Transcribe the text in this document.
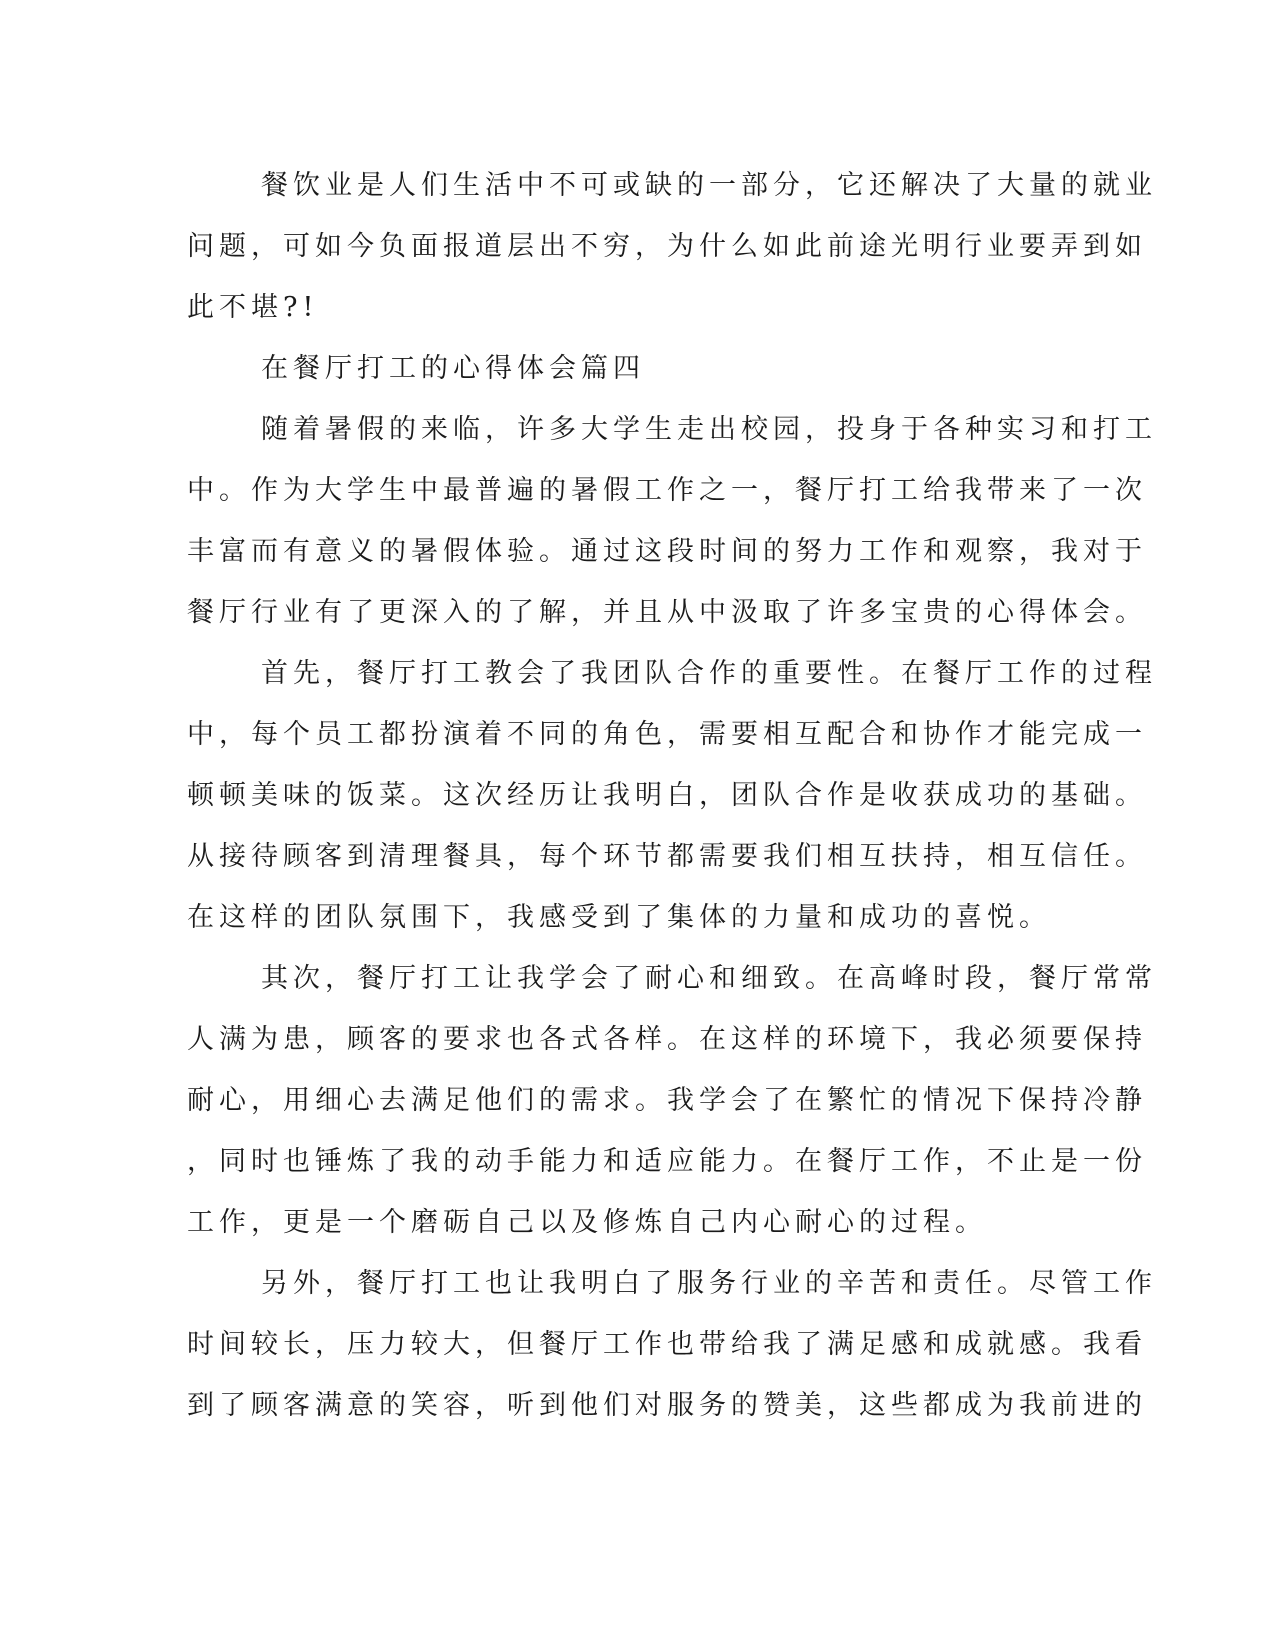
餐饮业是人们生活中不可或缺的一部分，它还解决了大量的就业
问题，可如今负面报道层出不穷，为什么如此前途光明行业要弄到如
此不堪?!
在餐厅打工的心得体会篇四
随着暑假的来临，许多大学生走出校园，投身于各种实习和打工
中。作为大学生中最普遍的暑假工作之一，餐厅打工给我带来了一次
丰富而有意义的暑假体验。通过这段时间的努力工作和观察，我对于
餐厅行业有了更深入的了解，并且从中汲取了许多宝贵的心得体会。
首先，餐厅打工教会了我团队合作的重要性。在餐厅工作的过程
中，每个员工都扮演着不同的角色，需要相互配合和协作才能完成一
顿顿美味的饭菜。这次经历让我明白，团队合作是收获成功的基础。
从接待顾客到清理餐具，每个环节都需要我们相互扶持，相互信任。
在这样的团队氛围下，我感受到了集体的力量和成功的喜悦。
其次，餐厅打工让我学会了耐心和细致。在高峰时段，餐厅常常
人满为患，顾客的要求也各式各样。在这样的环境下，我必须要保持
耐心，用细心去满足他们的需求。我学会了在繁忙的情况下保持冷静
，同时也锤炼了我的动手能力和适应能力。在餐厅工作，不止是一份
工作，更是一个磨砺自己以及修炼自己内心耐心的过程。
另外，餐厅打工也让我明白了服务行业的辛苦和责任。尽管工作
时间较长，压力较大，但餐厅工作也带给我了满足感和成就感。我看
到了顾客满意的笑容，听到他们对服务的赞美，这些都成为我前进的
